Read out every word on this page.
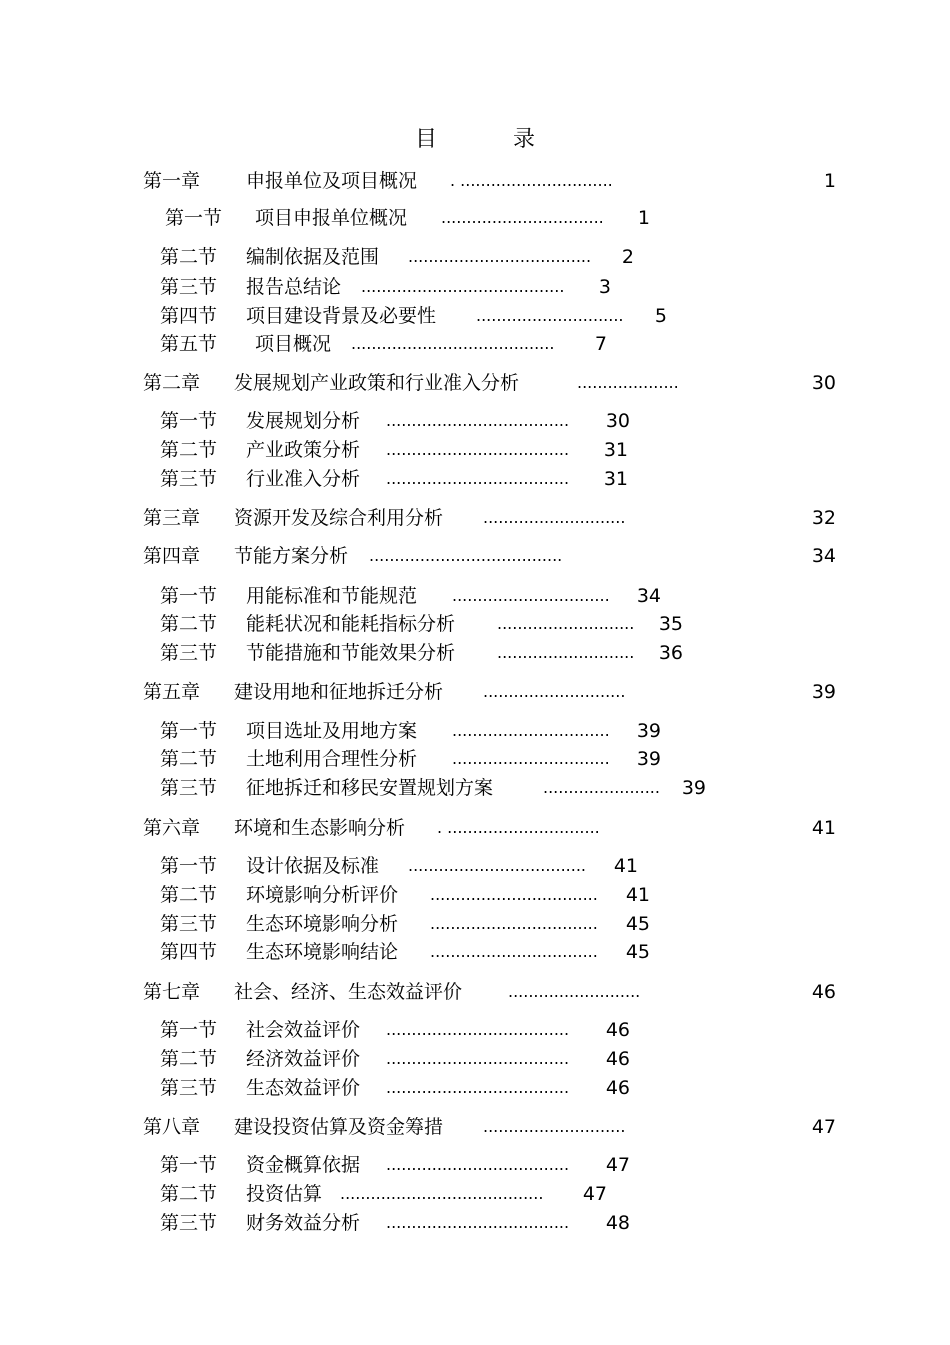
目	录
第一章 申报单位及项目概况 . ..............................	1
第一节 项目申报单位概况 ................................ 1
第二节 编制依据及范围 .................................... 2
第三节 报告总结论 ........................................ 3
第四节 项目建设背景及必要性 ............................. 5
第五节 项目概况 ........................................ 7
第二章 发展规划产业政策和行业准入分析	....................	30
第一节 发展规划分析 .................................... 30
第二节 产业政策分析 .................................... 31
第三节 行业准入分析 .................................... 31
第三章 资源开发及综合利用分析 ............................	32
第四章 节能方案分析 ......................................	34
第一节 用能标准和节能规范 ............................... 34
第二节 能耗状况和能耗指标分析	........................... 35
第三节 节能措施和节能效果分析	........................... 36
第五章 建设用地和征地拆迁分析 ............................	39
第一节 项目选址及用地方案 ............................... 39
第二节 土地利用合理性分析 ............................... 39
第三节 征地拆迁和移民安置规划方案	....................... 39
第六章 环境和生态影响分析 . ..............................	41
第一节 设计依据及标准 ................................... 41
第二节 环境影响分析评价 ................................. 41
第三节 生态环境影响分析 ................................. 45
第四节 生态环境影响结论 ................................. 45
第七章 社会、经济、生态效益评价	..........................	46
第一节 社会效益评价 .................................... 46
第二节 经济效益评价 .................................... 46
第三节 生态效益评价 .................................... 46
第八章 建设投资估算及资金筹措 ............................	47
第一节 资金概算依据 .................................... 47
第二节 投资估算 ........................................ 47
第三节 财务效益分析 .................................... 48
